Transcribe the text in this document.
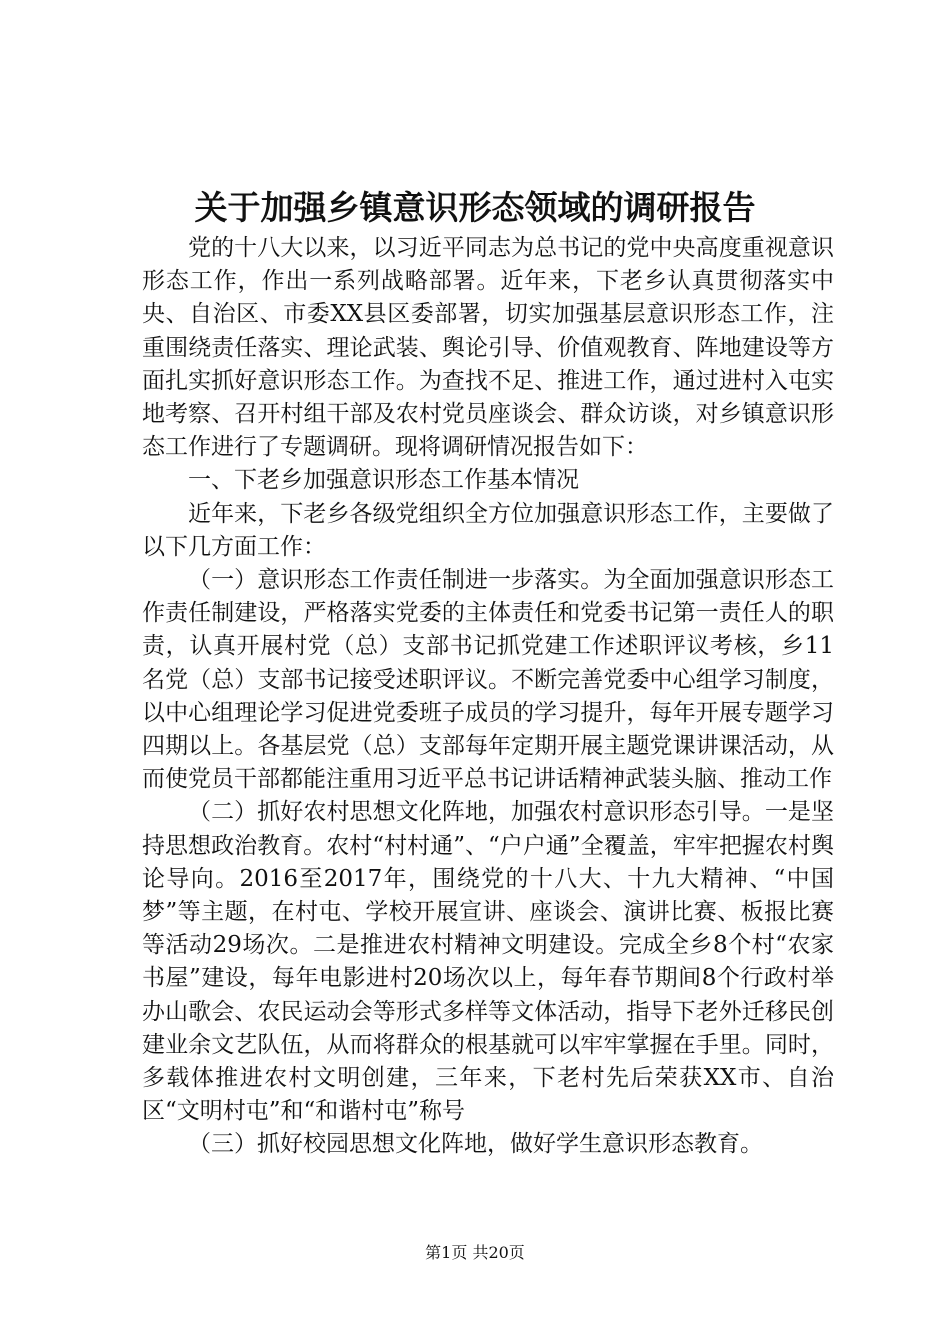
关于加强乡镇意识形态领域的调研报告

党的十八大以来，以习近平同志为总书记的党中央高度重视意识形态工作，作出一系列战略部署。近年来，下老乡认真贯彻落实中央、自治区、市委XX县区委部署，切实加强基层意识形态工作，注重围绕责任落实、理论武装、舆论引导、价值观教育、阵地建设等方面扎实抓好意识形态工作。为查找不足、推进工作，通过进村入屯实地考察、召开村组干部及农村党员座谈会、群众访谈，对乡镇意识形态工作进行了专题调研。现将调研情况报告如下：

一、下老乡加强意识形态工作基本情况

近年来，下老乡各级党组织全方位加强意识形态工作，主要做了以下几方面工作：

（一）意识形态工作责任制进一步落实。为全面加强意识形态工作责任制建设，严格落实党委的主体责任和党委书记第一责任人的职责，认真开展村党（总）支部书记抓党建工作述职评议考核，乡11名党（总）支部书记接受述职评议。不断完善党委中心组学习制度，以中心组理论学习促进党委班子成员的学习提升，每年开展专题学习四期以上。各基层党（总）支部每年定期开展主题党课讲课活动，从而使党员干部都能注重用习近平总书记讲话精神武装头脑、推动工作

（二）抓好农村思想文化阵地，加强农村意识形态引导。一是坚持思想政治教育。农村“村村通”、“户户通”全覆盖，牢牢把握农村舆论导向。2016至2017年，围绕党的十八大、十九大精神、“中国梦”等主题，在村屯、学校开展宣讲、座谈会、演讲比赛、板报比赛等活动29场次。二是推进农村精神文明建设。完成全乡8个村“农家书屋”建设，每年电影进村20场次以上，每年春节期间8个行政村举办山歌会、农民运动会等形式多样等文体活动，指导下老外迁移民创建业余文艺队伍，从而将群众的根基就可以牢牢掌握在手里。同时，多载体推进农村文明创建，三年来，下老村先后荣获XX市、自治区“文明村屯”和“和谐村屯”称号

（三）抓好校园思想文化阵地，做好学生意识形态教育。

第1页 共20页
